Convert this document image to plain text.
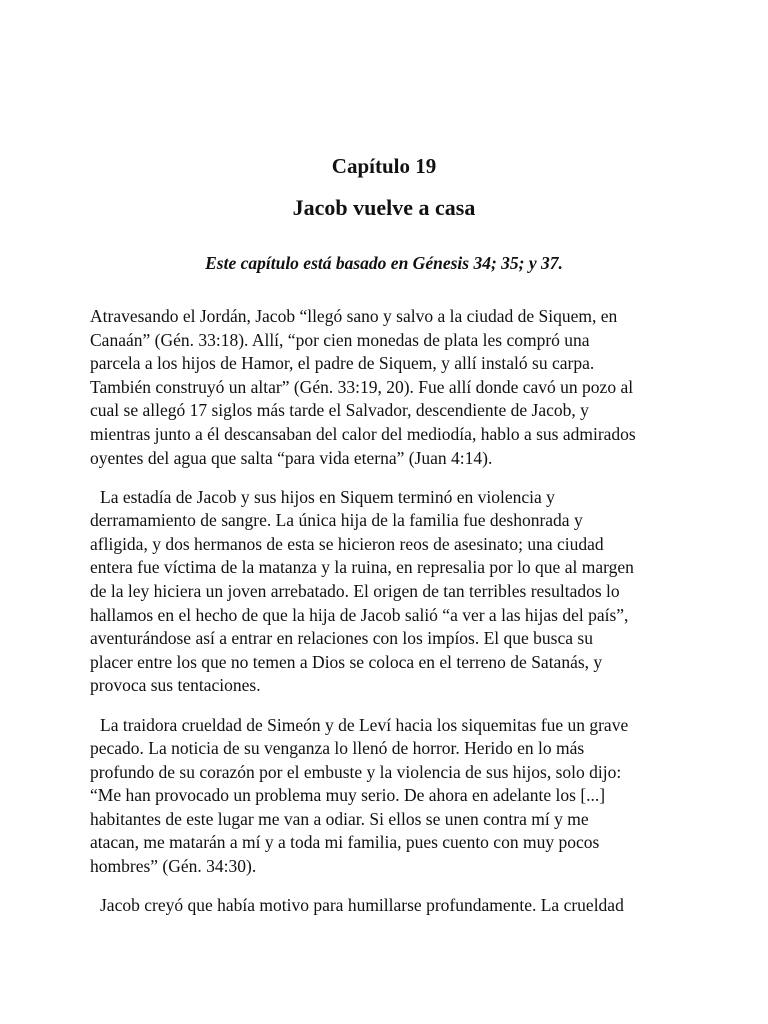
Capítulo 19
Jacob vuelve a casa
Este capítulo está basado en Génesis 34; 35; y 37.
Atravesando el Jordán, Jacob “llegó sano y salvo a la ciudad de Siquem, en
Canaán” (Gén. 33:18). Allí, “por cien monedas de plata les compró una
parcela a los hijos de Hamor, el padre de Siquem, y allí instaló su carpa.
También construyó un altar” (Gén. 33:19, 20). Fue allí donde cavó un pozo al
cual se allegó 17 siglos más tarde el Salvador, descendiente de Jacob, y
mientras junto a él descansaban del calor del mediodía, hablo a sus admirados
oyentes del agua que salta “para vida eterna” (Juan 4:14).
La estadía de Jacob y sus hijos en Siquem terminó en violencia y
derramamiento de sangre. La única hija de la familia fue deshonrada y
afligida, y dos hermanos de esta se hicieron reos de asesinato; una ciudad
entera fue víctima de la matanza y la ruina, en represalia por lo que al margen
de la ley hiciera un joven arrebatado. El origen de tan terribles resultados lo
hallamos en el hecho de que la hija de Jacob salió “a ver a las hijas del país”,
aventurándose así a entrar en relaciones con los impíos. El que busca su
placer entre los que no temen a Dios se coloca en el terreno de Satanás, y
provoca sus tentaciones.
La traidora crueldad de Simeón y de Leví hacia los siquemitas fue un grave
pecado. La noticia de su venganza lo llenó de horror. Herido en lo más
profundo de su corazón por el embuste y la violencia de sus hijos, solo dijo:
“Me han provocado un problema muy serio. De ahora en adelante los [...]
habitantes de este lugar me van a odiar. Si ellos se unen contra mí y me
atacan, me matarán a mí y a toda mi familia, pues cuento con muy pocos
hombres” (Gén. 34:30).
Jacob creyó que había motivo para humillarse profundamente. La crueldad
